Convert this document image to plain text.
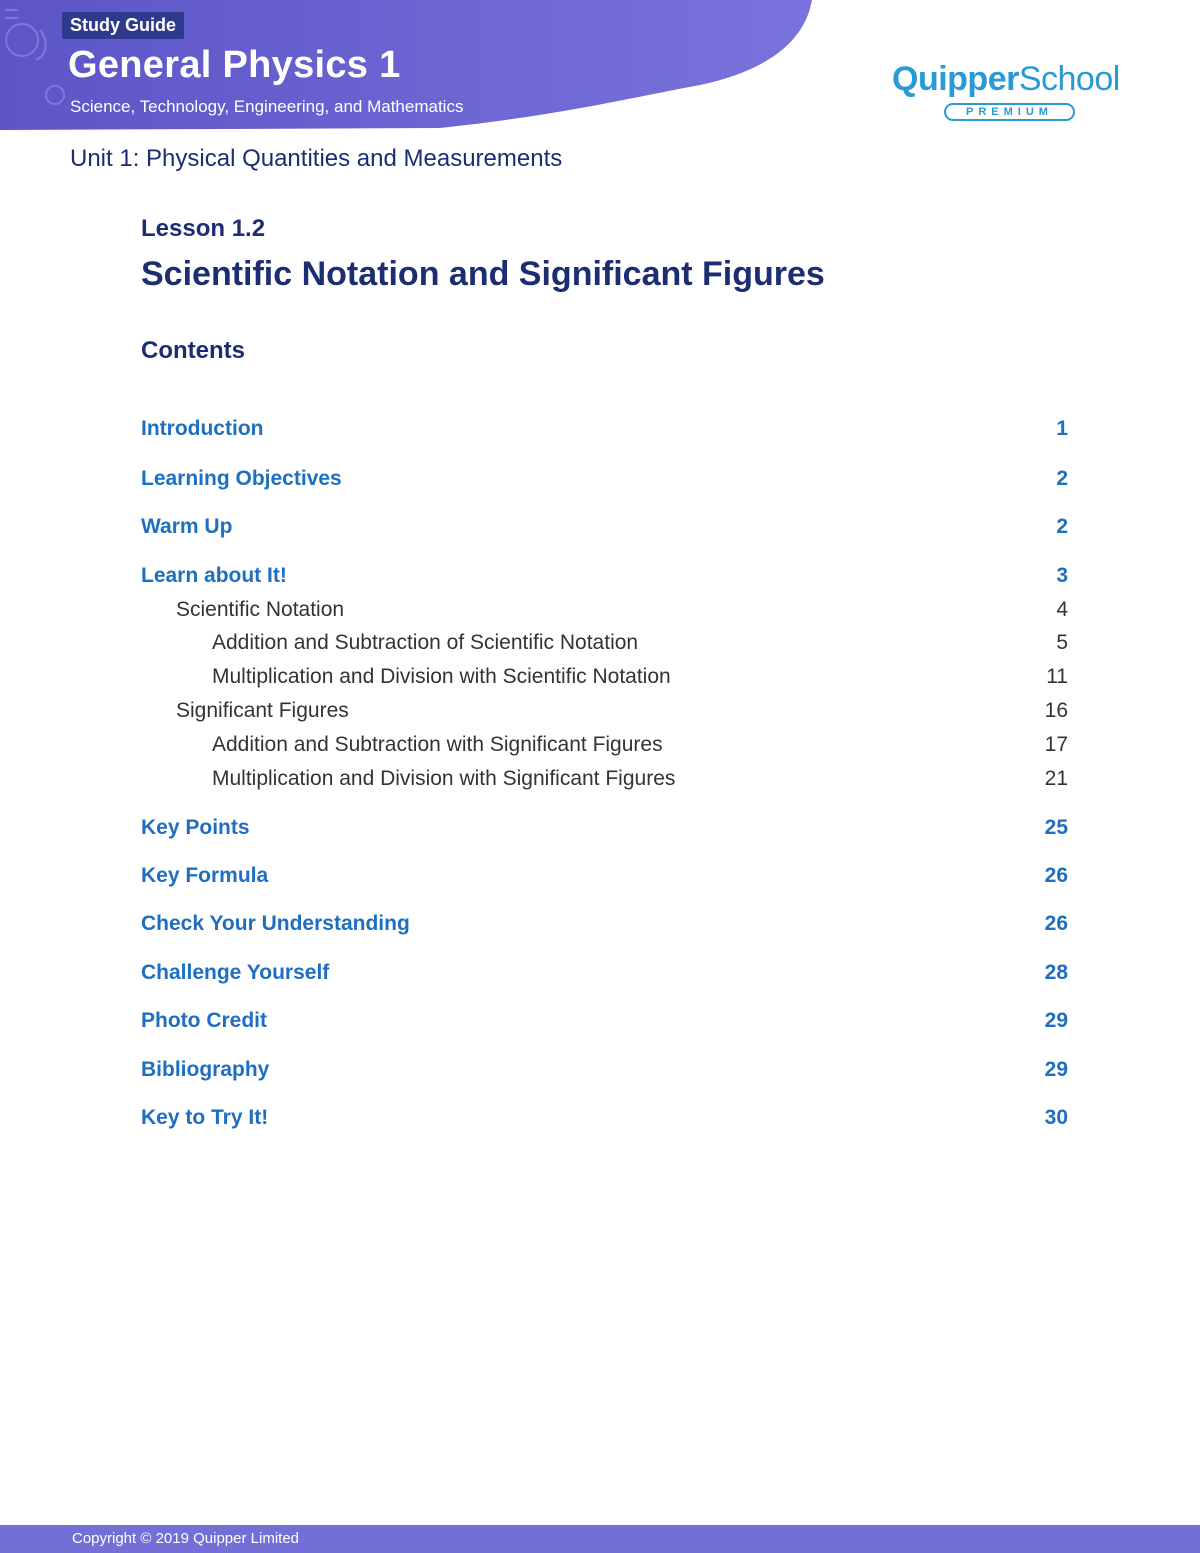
Study Guide
General Physics 1
Science, Technology, Engineering, and Mathematics
QuipperSchool
PREMIUM
Unit 1: Physical Quantities and Measurements
Lesson 1.2
Scientific Notation and Significant Figures
Contents
Introduction	1
Learning Objectives	2
Warm Up	2
Learn about It!	3
Scientific Notation	4
Addition and Subtraction of Scientific Notation	5
Multiplication and Division with Scientific Notation	11
Significant Figures	16
Addition and Subtraction with Significant Figures	17
Multiplication and Division with Significant Figures	21
Key Points	25
Key Formula	26
Check Your Understanding	26
Challenge Yourself	28
Photo Credit	29
Bibliography	29
Key to Try It!	30
Copyright © 2019 Quipper Limited
